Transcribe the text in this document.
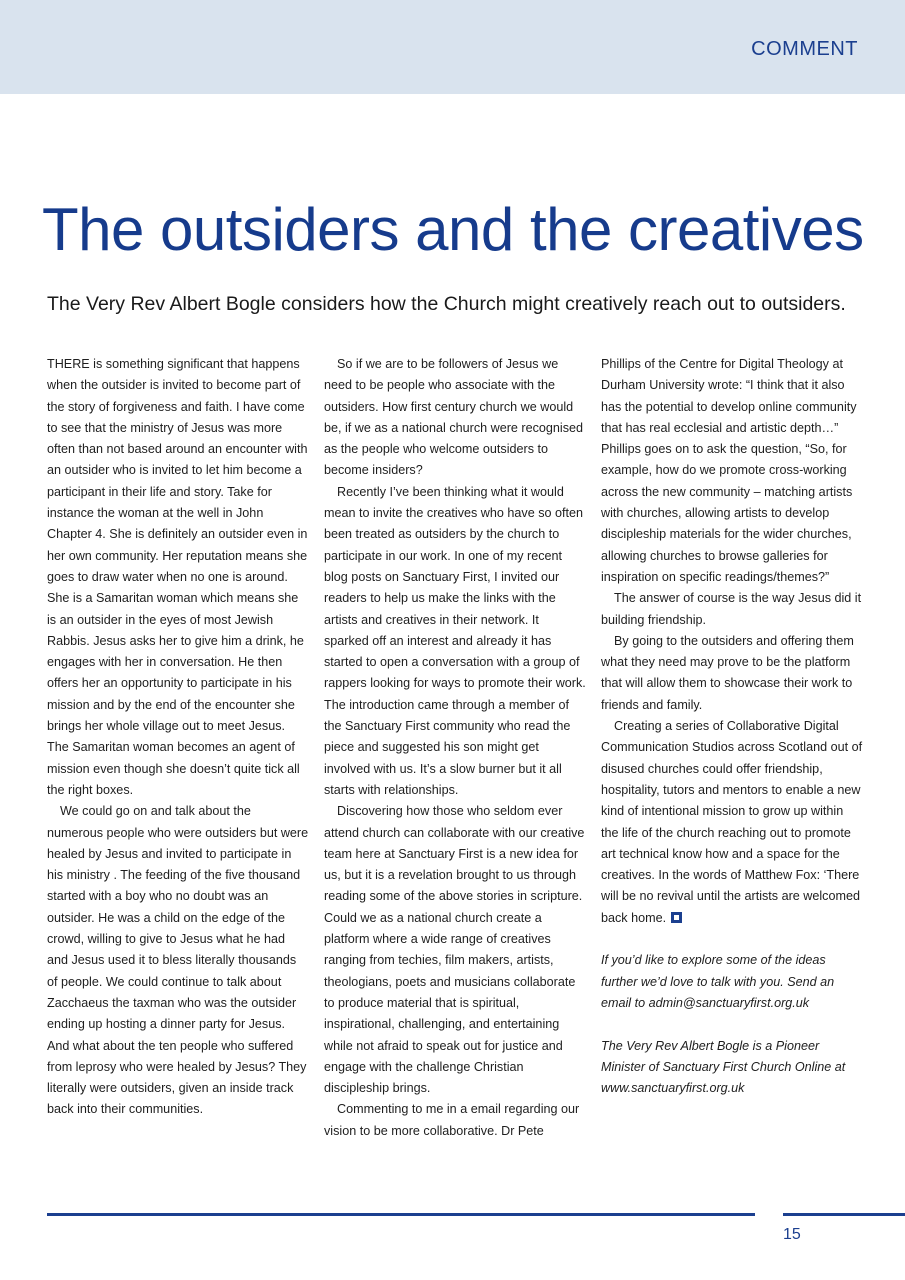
COMMENT
The outsiders and the creatives

The Very Rev Albert Bogle considers how the Church might creatively reach out to outsiders.

THERE is something significant that happens when the outsider is invited to become part of the story of forgiveness and faith. I have come to see that the ministry of Jesus was more often than not based around an encounter with an outsider who is invited to let him become a participant in their life and story. Take for instance the woman at the well in John Chapter 4. She is definitely an outsider even in her own community. Her reputation means she goes to draw water when no one is around. She is a Samaritan woman which means she is an outsider in the eyes of most Jewish Rabbis. Jesus asks her to give him a drink, he engages with her in conversation. He then offers her an opportunity to participate in his mission and by the end of the encounter she brings her whole village out to meet Jesus. The Samaritan woman becomes an agent of mission even though she doesn’t quite tick all the right boxes.

We could go on and talk about the numerous people who were outsiders but were healed by Jesus and invited to participate in his ministry . The feeding of the five thousand started with a boy who no doubt was an outsider. He was a child on the edge of the crowd, willing to give to Jesus what he had and Jesus used it to bless literally thousands of people. We could continue to talk about Zacchaeus the taxman who was the outsider ending up hosting a dinner party for Jesus. And what about the ten people who suffered from leprosy who were healed by Jesus? They literally were outsiders, given an inside track back into their communities.

So if we are to be followers of Jesus we need to be people who associate with the outsiders. How first century church we would be, if we as a national church were recognised as the people who welcome outsiders to become insiders?

Recently I’ve been thinking what it would mean to invite the creatives who have so often been treated as outsiders by the church to participate in our work. In one of my recent blog posts on Sanctuary First, I invited our readers to help us make the links with the artists and creatives in their network. It sparked off an interest and already it has started to open a conversation with a group of rappers looking for ways to promote their work. The introduction came through a member of the Sanctuary First community who read the piece and suggested his son might get involved with us. It’s a slow burner but it all starts with relationships.

Discovering how those who seldom ever attend church can collaborate with our creative team here at Sanctuary First is a new idea for us, but it is a revelation brought to us through reading some of the above stories in scripture. Could we as a national church create a platform where a wide range of creatives ranging from techies, film makers, artists, theologians, poets and musicians collaborate to produce material that is spiritual, inspirational, challenging, and entertaining while not afraid to speak out for justice and engage with the challenge Christian discipleship brings.

Commenting to me in a email regarding our vision to be more collaborative. Dr Pete

Phillips of the Centre for Digital Theology at Durham University wrote: “I think that it also has the potential to develop online community that has real ecclesial and artistic depth…” Phillips goes on to ask the question, “So, for example, how do we promote cross-working across the new community – matching artists with churches, allowing artists to develop discipleship materials for the wider churches, allowing churches to browse galleries for inspiration on specific readings/themes?”

The answer of course is the way Jesus did it building friendship.

By going to the outsiders and offering them what they need may prove to be the platform that will allow them to showcase their work to friends and family.

Creating a series of Collaborative Digital Communication Studios across Scotland out of disused churches could offer friendship, hospitality, tutors and mentors to enable a new kind of intentional mission to grow up within the life of the church reaching out to promote art technical know how and a space for the creatives. In the words of Matthew Fox: ‘There will be no revival until the artists are welcomed back home.

If you’d like to explore some of the ideas further we’d love to talk with you. Send an email to admin@sanctuaryfirst.org.uk

The Very Rev Albert Bogle is a Pioneer Minister of Sanctuary First Church Online at www.sanctuaryfirst.org.uk

15
